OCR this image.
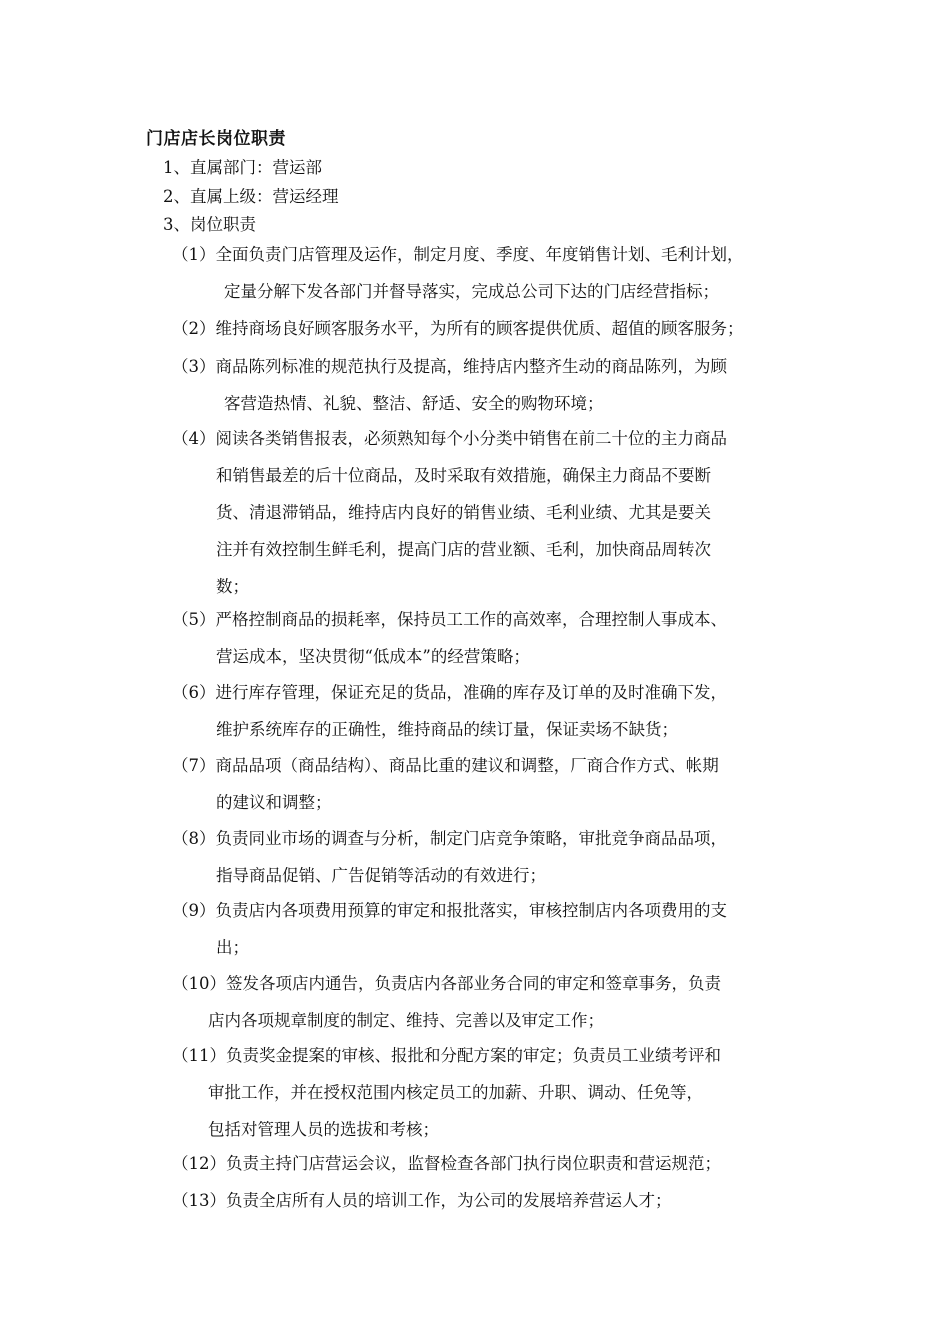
门店店长岗位职责
1、直属部门：营运部
2、直属上级：营运经理
3、岗位职责
（1）全面负责门店管理及运作，制定月度、季度、年度销售计划、毛利计划，
定量分解下发各部门并督导落实，完成总公司下达的门店经营指标；
（2）维持商场良好顾客服务水平，为所有的顾客提供优质、超值的顾客服务；
（3）商品陈列标准的规范执行及提高，维持店内整齐生动的商品陈列，为顾
客营造热情、礼貌、整洁、舒适、安全的购物环境；
（4）阅读各类销售报表，必须熟知每个小分类中销售在前二十位的主力商品
和销售最差的后十位商品，及时采取有效措施，确保主力商品不要断
货、清退滞销品，维持店内良好的销售业绩、毛利业绩、尤其是要关
注并有效控制生鲜毛利，提高门店的营业额、毛利，加快商品周转次
数；
（5）严格控制商品的损耗率，保持员工工作的高效率，合理控制人事成本、
营运成本，坚决贯彻“低成本”的经营策略；
（6）进行库存管理，保证充足的货品，准确的库存及订单的及时准确下发，
维护系统库存的正确性，维持商品的续订量，保证卖场不缺货；
（7）商品品项（商品结构）、商品比重的建议和调整，厂商合作方式、帐期
的建议和调整；
（8）负责同业市场的调查与分析，制定门店竞争策略，审批竞争商品品项，
指导商品促销、广告促销等活动的有效进行；
（9）负责店内各项费用预算的审定和报批落实，审核控制店内各项费用的支
出；
（10）签发各项店内通告，负责店内各部业务合同的审定和签章事务，负责
店内各项规章制度的制定、维持、完善以及审定工作；
（11）负责奖金提案的审核、报批和分配方案的审定；负责员工业绩考评和
审批工作，并在授权范围内核定员工的加薪、升职、调动、任免等，
包括对管理人员的选拔和考核；
（12）负责主持门店营运会议，监督检查各部门执行岗位职责和营运规范；
（13）负责全店所有人员的培训工作，为公司的发展培养营运人才；
